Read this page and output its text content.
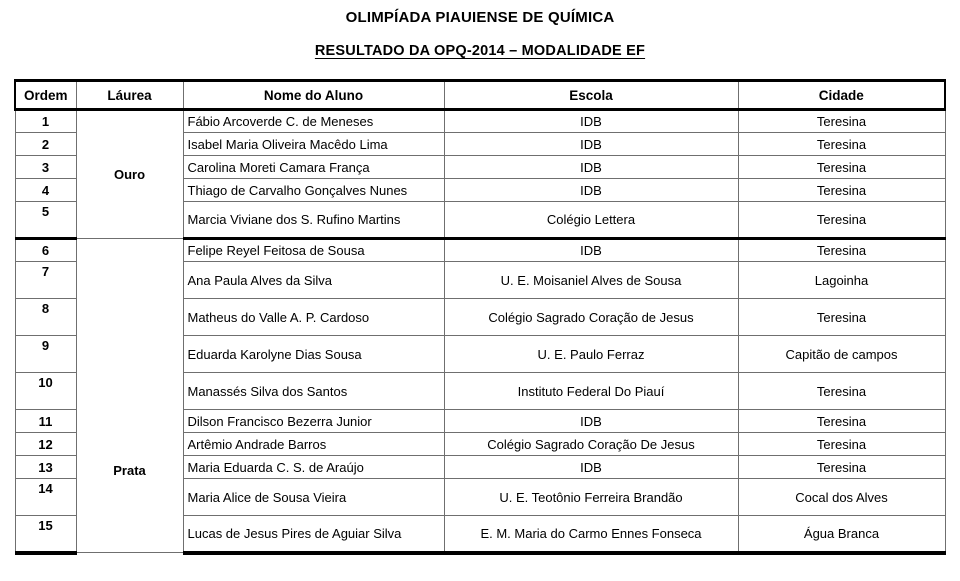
OLIMPÍADA PIAUIENSE DE QUÍMICA
RESULTADO DA OPQ-2014 – MODALIDADE EF
Ordem	Láurea	Nome do Aluno	Escola	Cidade
1	Ouro	Fábio Arcoverde C. de Meneses	IDB	Teresina
2		Isabel Maria Oliveira Macêdo Lima	IDB	Teresina
3		Carolina Moreti Camara França	IDB	Teresina
4		Thiago de Carvalho Gonçalves Nunes	IDB	Teresina
5		Marcia Viviane dos S. Rufino Martins	Colégio Lettera	Teresina
6	Prata	Felipe Reyel Feitosa de Sousa	IDB	Teresina
7		Ana Paula Alves da Silva	U. E. Moisaniel Alves de Sousa	Lagoinha
8		Matheus do Valle A. P. Cardoso	Colégio Sagrado Coração de Jesus	Teresina
9		Eduarda Karolyne Dias Sousa	U. E. Paulo Ferraz	Capitão de campos
10		Manassés Silva dos Santos	Instituto Federal Do Piauí	Teresina
11		Dilson Francisco Bezerra Junior	IDB	Teresina
12		Artêmio Andrade Barros	Colégio Sagrado Coração De Jesus	Teresina
13		Maria Eduarda C. S. de Araújo	IDB	Teresina
14		Maria Alice de Sousa Vieira	U. E. Teotônio Ferreira Brandão	Cocal dos Alves
15		Lucas de Jesus Pires de Aguiar Silva	E. M. Maria do Carmo Ennes Fonseca	Água Branca
